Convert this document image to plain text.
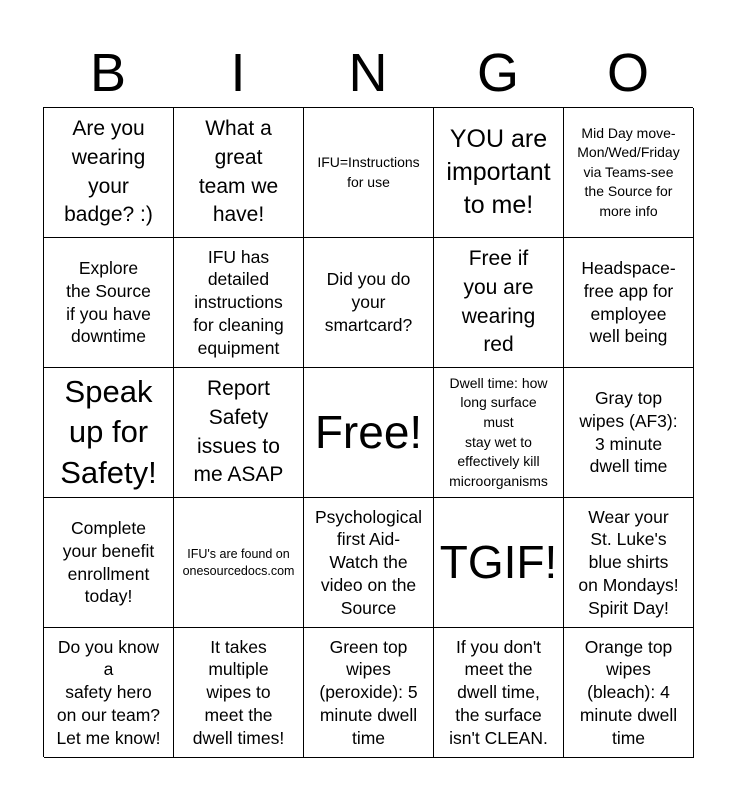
B	I	N	G	O
Are you
wearing
your
badge? :)
What a
great
team we
have!
IFU=Instructions
for use
YOU are
important
to me!
Mid Day move-
Mon/Wed/Friday
via Teams-see
the Source for
more info
Explore
the Source
if you have
downtime
IFU has
detailed
instructions
for cleaning
equipment
Did you do
your
smartcard?
Free if
you are
wearing
red
Headspace-
free app for
employee
well being
Speak
up for
Safety!
Report
Safety
issues to
me ASAP
Free!
Dwell time: how
long surface
must
stay wet to
effectively kill
microorganisms
Gray top
wipes (AF3):
3 minute
dwell time
Complete
your benefit
enrollment
today!
IFU's are found on
onesourcedocs.com
Psychological
first Aid-
Watch the
video on the
Source
TGIF!
Wear your
St. Luke's
blue shirts
on Mondays!
Spirit Day!
Do you know
a
safety hero
on our team?
Let me know!
It takes
multiple
wipes to
meet the
dwell times!
Green top
wipes
(peroxide): 5
minute dwell
time
If you don't
meet the
dwell time,
the surface
isn't CLEAN.
Orange top
wipes
(bleach): 4
minute dwell
time
